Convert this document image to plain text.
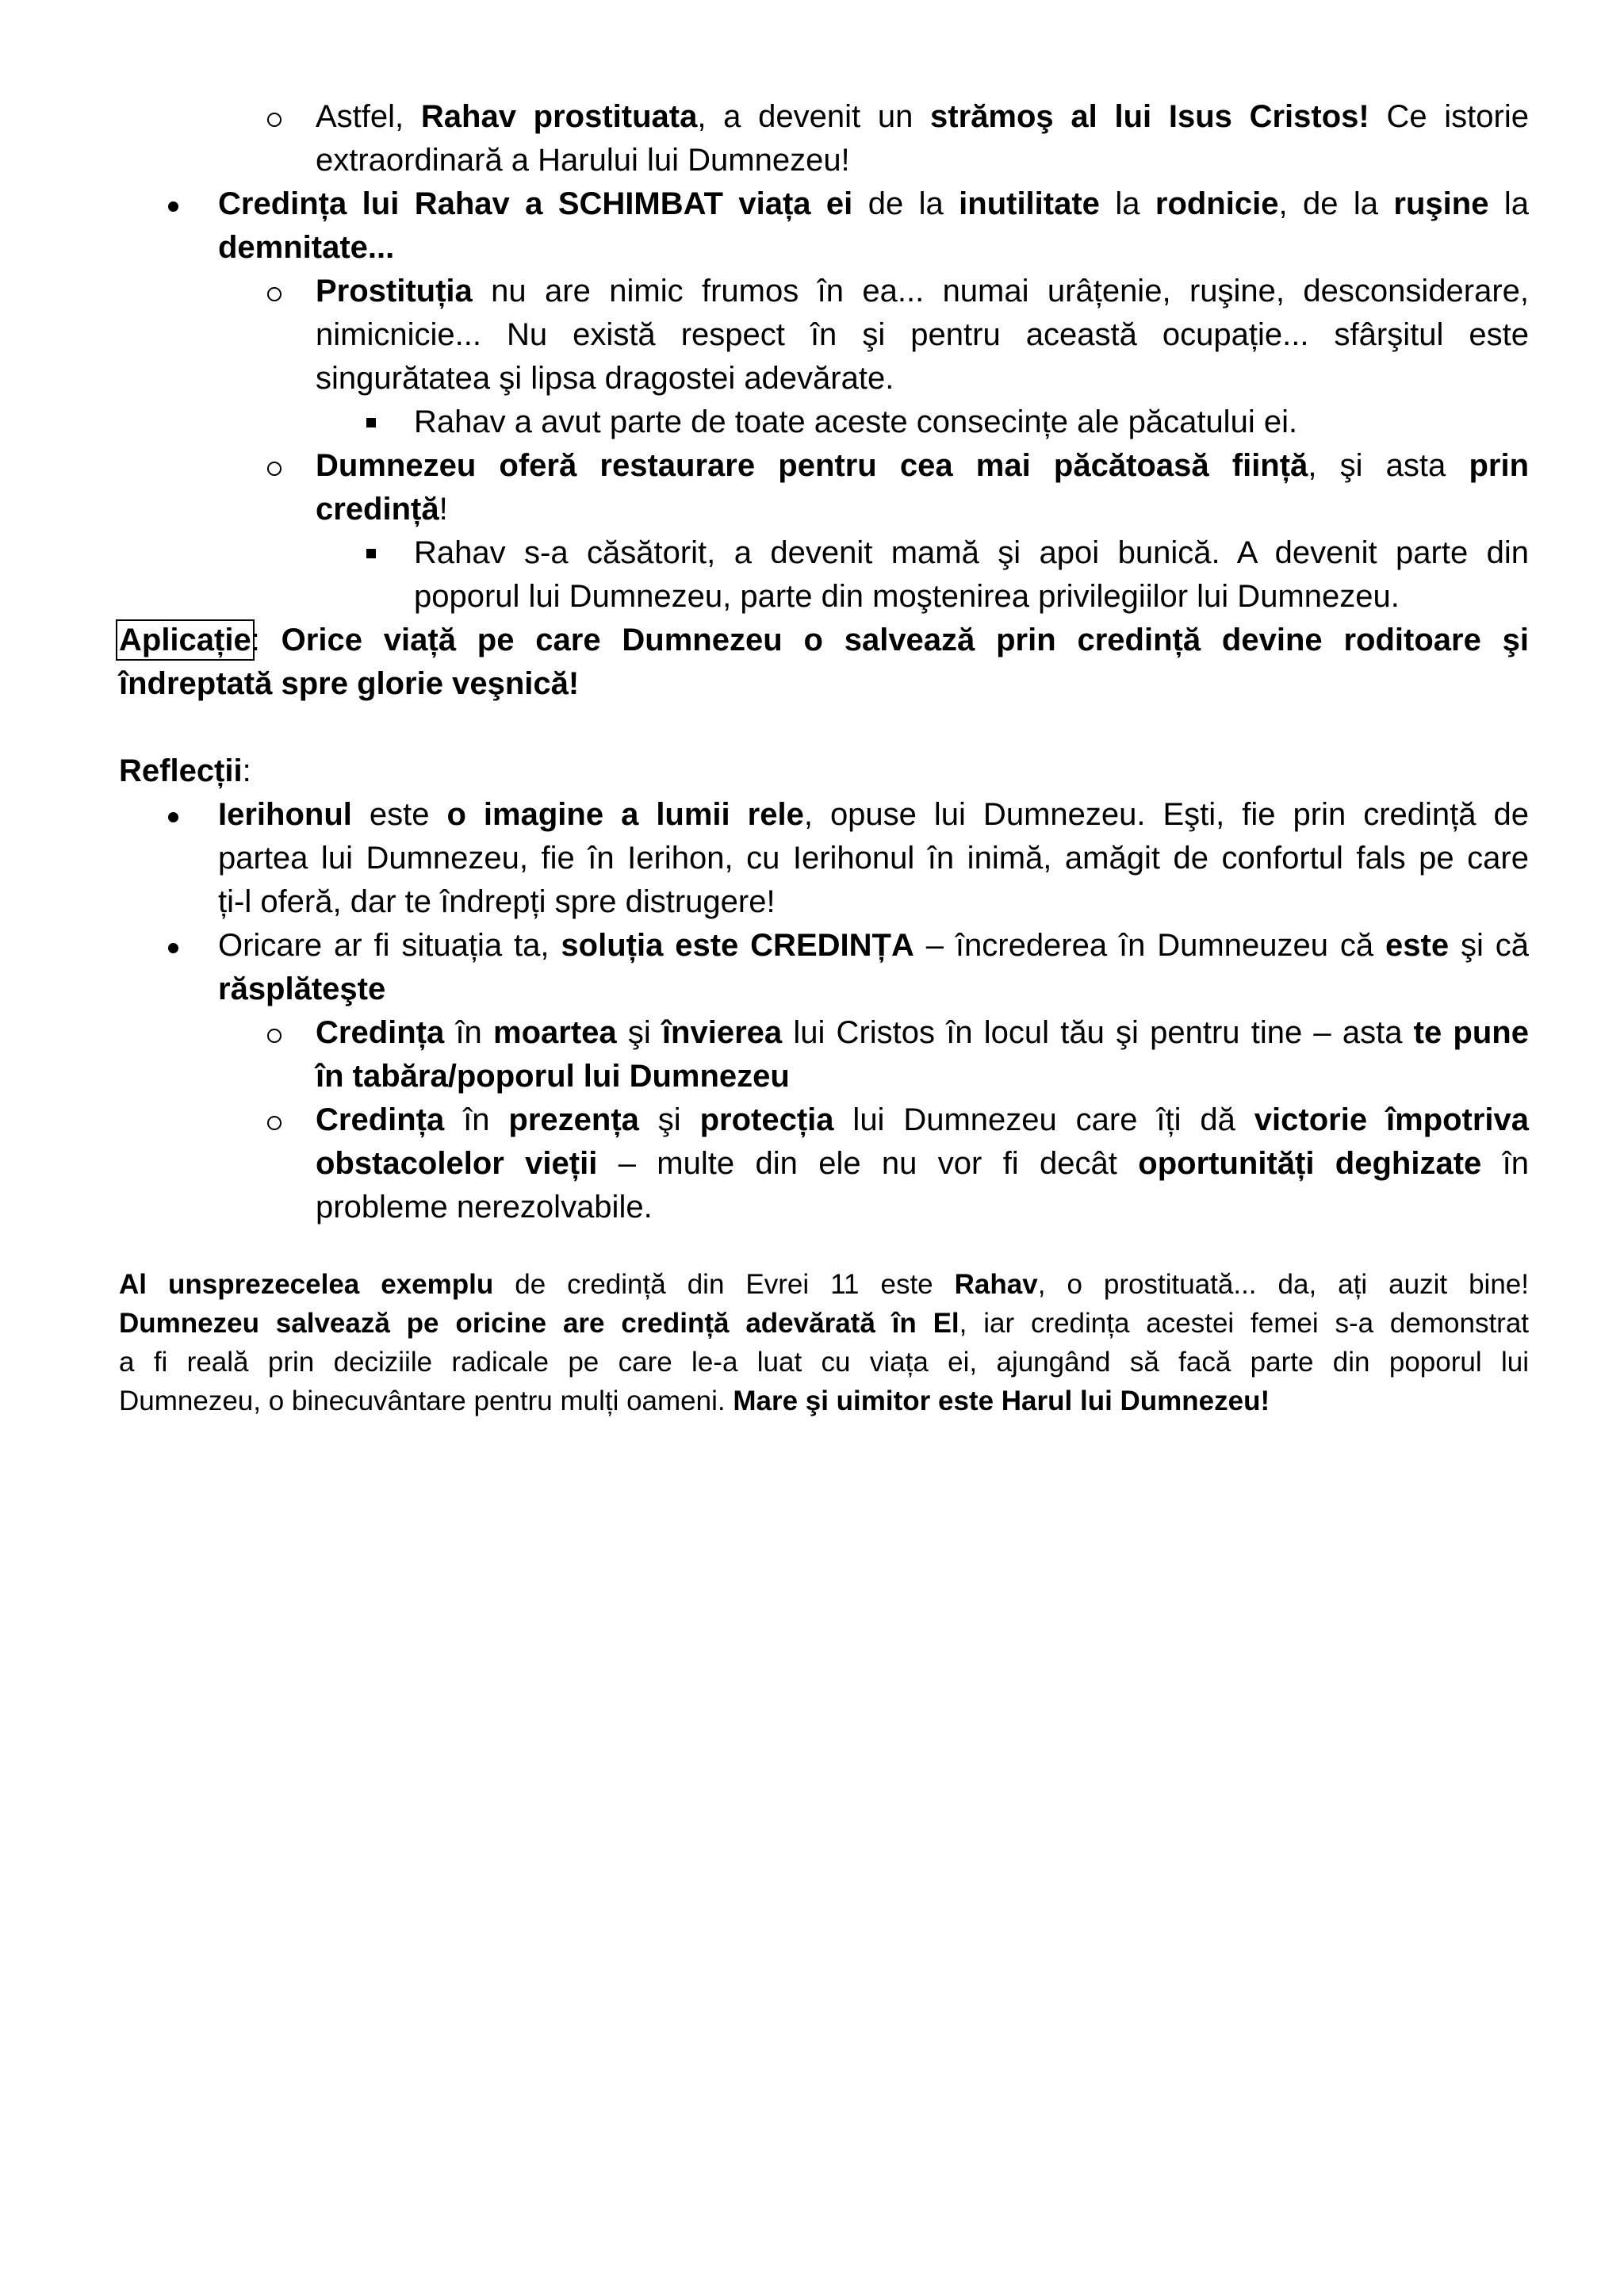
Astfel, Rahav prostituata, a devenit un strămoş al lui Isus Cristos! Ce istorie

extraordinară a Harului lui Dumnezeu!

Credința lui Rahav a SCHIMBAT viața ei de la inutilitate la rodnicie, de la ruşine la

demnitate...

Prostituția nu are nimic frumos în ea... numai urâțenie, ruşine, desconsiderare,

nimicnicie... Nu există respect în şi pentru această ocupație... sfârşitul este

singurătatea şi lipsa dragostei adevărate.

Rahav a avut parte de toate aceste consecințe ale păcatului ei.

Dumnezeu oferă restaurare pentru cea mai păcătoasă ființă, şi asta prin

credință!

Rahav s-a căsătorit, a devenit mamă şi apoi bunică. A devenit parte din

poporul lui Dumnezeu, parte din moştenirea privilegiilor lui Dumnezeu.

Aplicație: Orice viață pe care Dumnezeu o salvează prin credință devine roditoare şi

îndreptată spre glorie veşnică!

Reflecții:

Ierihonul este o imagine a lumii rele, opuse lui Dumnezeu. Eşti, fie prin credință de

partea lui Dumnezeu, fie în Ierihon, cu Ierihonul în inimă, amăgit de confortul fals pe care

ți-l oferă, dar te îndrepți spre distrugere!

Oricare ar fi situația ta, soluția este CREDINȚA – încrederea în Dumneuzeu că este şi că

răsplăteşte

Credința în moartea şi învierea lui Cristos în locul tău şi pentru tine – asta te pune

în tabăra/poporul lui Dumnezeu

Credința în prezența şi protecția lui Dumnezeu care îți dă victorie împotriva

obstacolelor vieții – multe din ele nu vor fi decât oportunități deghizate în

probleme nerezolvabile.

Al unsprezecelea exemplu de credință din Evrei 11 este Rahav, o prostituată... da, ați auzit bine!

Dumnezeu salvează pe oricine are credință adevărată în El, iar credința acestei femei s-a demonstrat

a fi reală prin deciziile radicale pe care le-a luat cu viața ei, ajungând să facă parte din poporul lui

Dumnezeu, o binecuvântare pentru mulți oameni. Mare şi uimitor este Harul lui Dumnezeu!
